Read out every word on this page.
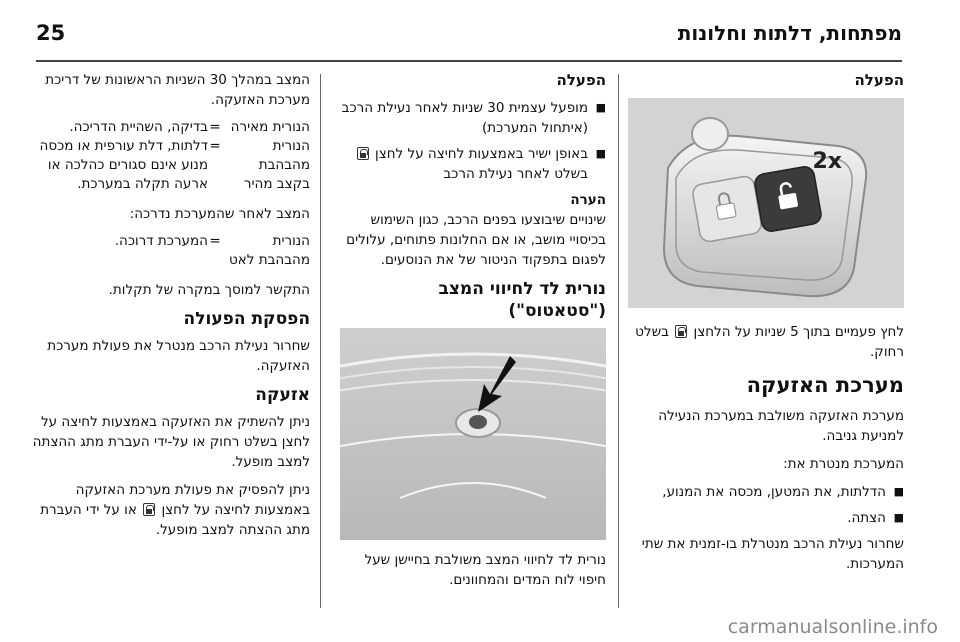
25	מפתחות, דלתות וחלונות
הפעלה
2x

לחץ פעמיים בתוך 5 שניות על הלחצן  בשלט רחוק.

מערכת האזעקה

מערכת האזעקה משולבת במערכת הנעילה למניעת גניבה.

המערכת מנטרת את:

■
הדלתות, את המטען, מכסה את המנוע,
■
הצתה.

שחרור נעילת הרכב מנטרלת בו-זמנית את שתי המערכות.

הפעלה
■
מופעל עצמית 30 שניות לאחר נעילת הרכב (איתחול המערכת)
■
באופן ישיר באמצעות לחיצה על לחצן  בשלט לאחר נעילת הרכב
הערה

שינויים שיבוצעו בפנים הרכב, כגון השימוש בכיסויי מושב, או אם החלונות פתוחים, עלולים לפגום בתפקוד הניטור של את הנוסעים.

נורית לד לחיווי המצב ("סטאטוס")

נורית לד לחיווי המצב משולבת בחיישן שעל חיפוי לוח המדים והמחוונים.

המצב במהלך 30 השניות הראשונות של דריכת מערכת האזעקה.

הנורית מאירה
=
בדיקה, השהיית הדריכה.
הנורית מהבהבת בקצב מהיר
=
דלתות, דלת עורפית או מכסה מנוע אינם סגורים כהלכה או ארעה תקלה במערכת.

המצב לאחר שהמערכת נדרכה:

הנורית מהבהבת לאט
=
המערכת דרוכה.

התקשר למוסך במקרה של תקלות.

הפסקת הפעולה

שחרור נעילת הרכב מנטרל את פעולת מערכת האזעקה.

אזעקה

ניתן להשתיק את האזעקה באמצעות לחיצה על לחצן בשלט רחוק או על-ידי העברת מתג ההצתה למצב מופעל.

ניתן להפסיק את פעולת מערכת האזעקה באמצעות לחיצה על לחצן  או על ידי העברת מתג ההצתה למצב מופעל.

carmanualsonline.info
